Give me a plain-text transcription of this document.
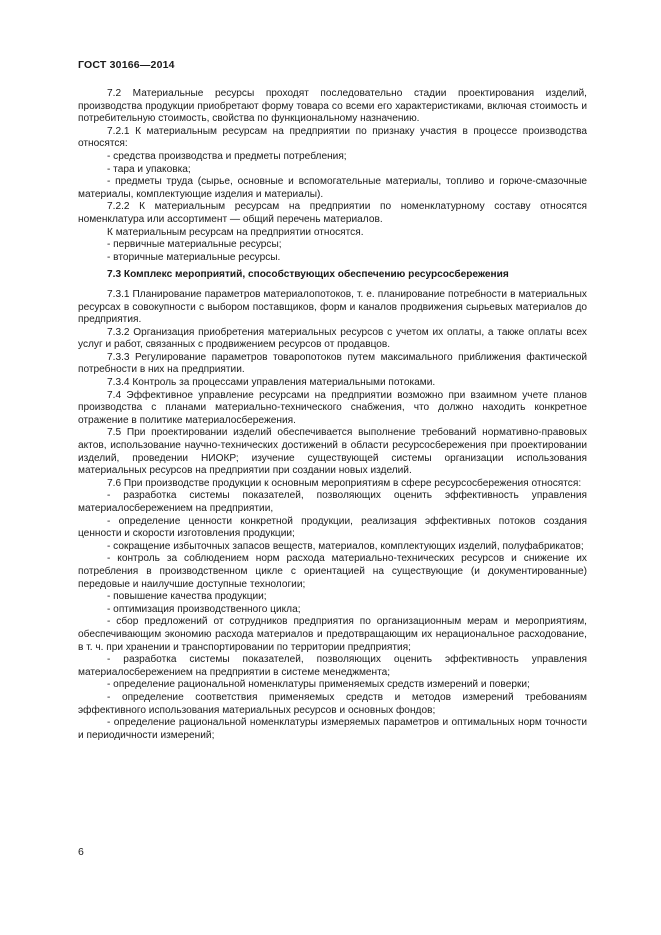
ГОСТ 30166—2014

7.2 Материальные ресурсы проходят последовательно стадии проектирования изделий, производства продукции приобретают форму товара со всеми его характеристиками, включая стоимость и потребительную стоимость, свойства по функциональному назначению.

7.2.1 К материальным ресурсам на предприятии по признаку участия в процессе производства относятся:

- средства производства и предметы потребления;

- тара и упаковка;

- предметы труда (сырье, основные и вспомогательные материалы, топливо и горюче-смазочные материалы, комплектующие изделия и материалы).

7.2.2 К материальным ресурсам на предприятии по номенклатурному составу относятся номенклатура или ассортимент — общий перечень материалов.

К материальным ресурсам на предприятии относятся.

- первичные материальные ресурсы;

- вторичные материальные ресурсы.

7.3 Комплекс мероприятий, способствующих обеспечению ресурсосбережения

7.3.1 Планирование параметров материалопотоков, т. е. планирование потребности в материальных ресурсах в совокупности с выбором поставщиков, форм и каналов продвижения сырьевых материалов до предприятия.

7.3.2 Организация приобретения материальных ресурсов с учетом их оплаты, а также оплаты всех услуг и работ, связанных с продвижением ресурсов от продавцов.

7.3.3 Регулирование параметров товаропотоков путем максимального приближения фактической потребности в них на предприятии.

7.3.4 Контроль за процессами управления материальными потоками.

7.4 Эффективное управление ресурсами на предприятии возможно при взаимном учете планов производства с планами материально-технического снабжения, что должно находить конкретное отражение в политике материалосбережения.

7.5 При проектировании изделий обеспечивается выполнение требований нормативно-правовых актов, использование научно-технических достижений в области ресурсосбережения при проектировании изделий, проведении НИОКР; изучение существующей системы организации использования материальных ресурсов на предприятии при создании новых изделий.

7.6 При производстве продукции к основным мероприятиям в сфере ресурсосбережения относятся:

- разработка системы показателей, позволяющих оценить эффективность управления материалосбережением на предприятии,

- определение ценности конкретной продукции, реализация эффективных потоков создания ценности и скорости изготовления продукции;

- сокращение избыточных запасов веществ, материалов, комплектующих изделий, полуфабрикатов;

- контроль за соблюдением норм расхода материально-технических ресурсов и снижение их потребления в производственном цикле с ориентацией на существующие (и документированные) передовые и наилучшие доступные технологии;

- повышение качества продукции;

- оптимизация производственного цикла;

- сбор предложений от сотрудников предприятия по организационным мерам и мероприятиям, обеспечивающим экономию расхода материалов и предотвращающим их нерациональное расходование, в т. ч. при хранении и транспортировании по территории предприятия;

- разработка системы показателей, позволяющих оценить эффективность управления материалосбережением на предприятии в системе менеджмента;

- определение рациональной номенклатуры применяемых средств измерений и поверки;

- определение соответствия применяемых средств и методов измерений требованиям эффективного использования материальных ресурсов и основных фондов;

- определение рациональной номенклатуры измеряемых параметров и оптимальных норм точности и периодичности измерений;

6
